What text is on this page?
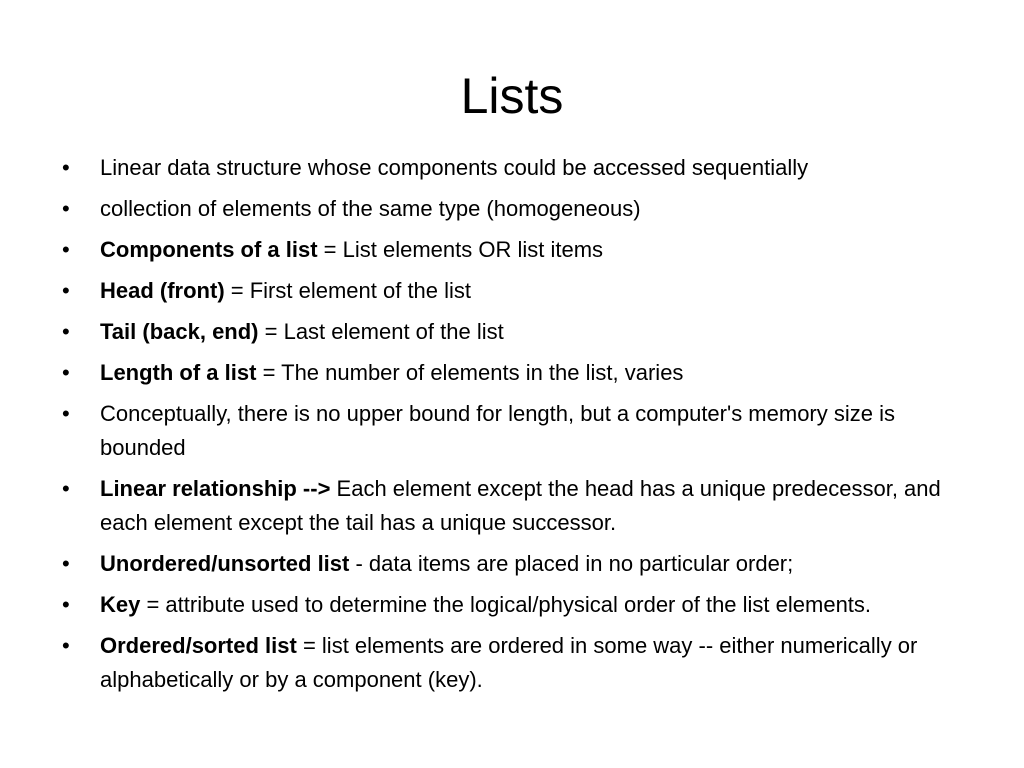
Lists
•	Linear data structure whose components could be accessed sequentially
•	collection of elements of the same type (homogeneous)
•	Components of a list = List elements OR list items
•	Head (front) = First element of the list
•	Tail (back, end) = Last element of the list
•	Length of a list = The number of elements in the list, varies
•	Conceptually, there is no upper bound for length, but a computer's memory size is bounded
•	Linear relationship --> Each element except the head has a unique predecessor, and each element except the tail has a unique successor.
•	Unordered/unsorted list - data items are placed in no particular order;
•	Key = attribute used to determine the logical/physical order of the list elements.
•	Ordered/sorted list = list elements are ordered in some way -- either numerically or alphabetically or by a component (key).
